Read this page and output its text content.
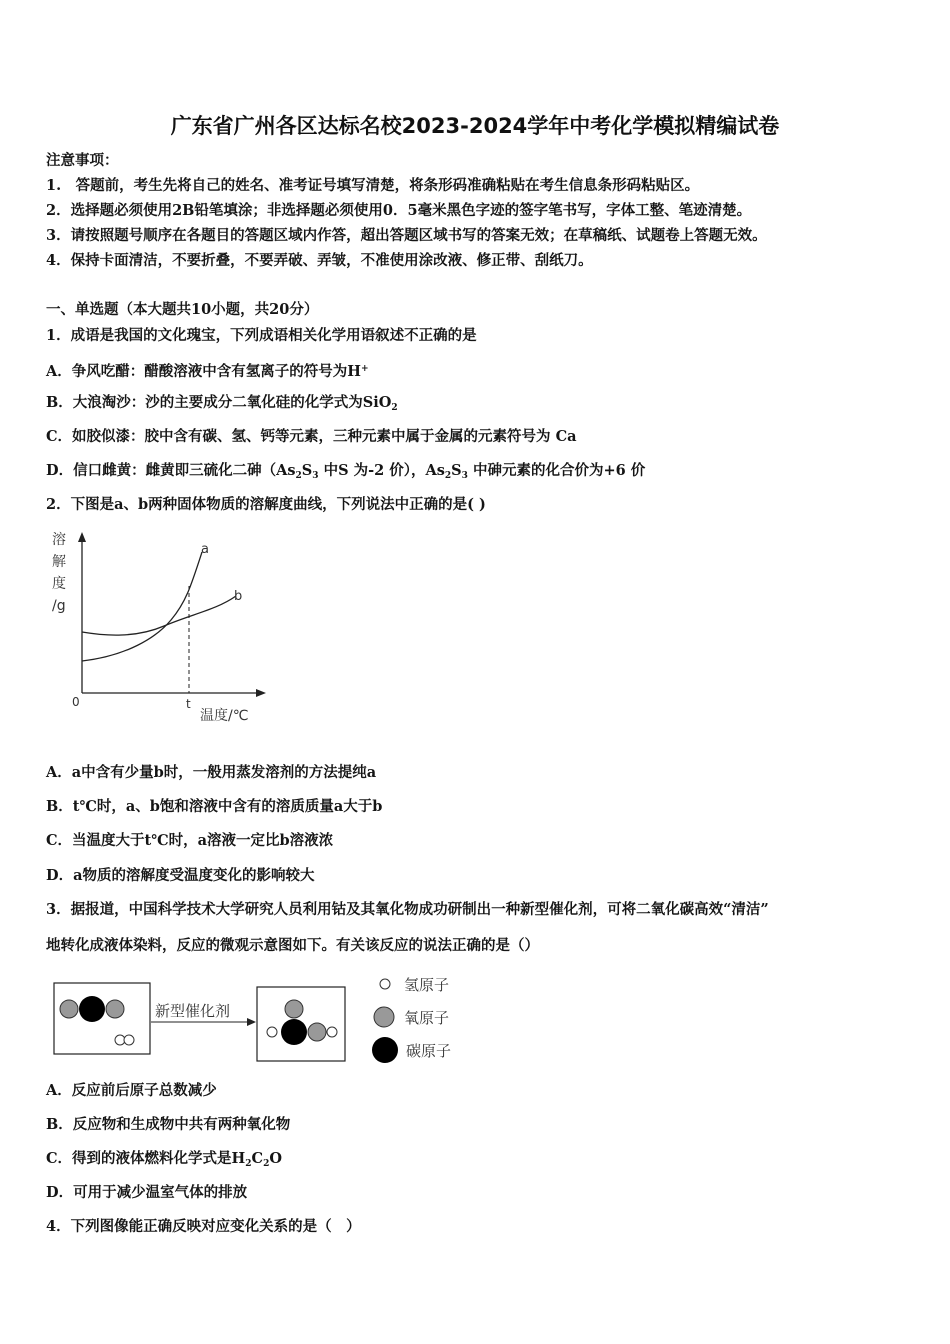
广东省广州各区达标名校2023-2024学年中考化学模拟精编试卷
注意事项：
1.　答题前，考生先将自己的姓名、准考证号填写清楚，将条形码准确粘贴在考生信息条形码粘贴区。
2．选择题必须使用2B铅笔填涂；非选择题必须使用0．5毫米黑色字迹的签字笔书写，字体工整、笔迹清楚。
3．请按照题号顺序在各题目的答题区域内作答，超出答题区域书写的答案无效；在草稿纸、试题卷上答题无效。
4．保持卡面清洁，不要折叠，不要弄破、弄皱，不准使用涂改液、修正带、刮纸刀。
一、单选题（本大题共10小题，共20分）
1．成语是我国的文化瑰宝，下列成语相关化学用语叙述不正确的是
A．争风吃醋：醋酸溶液中含有氢离子的符号为H+
B．大浪淘沙：沙的主要成分二氧化硅的化学式为SiO$_2$
C．如胶似漆：胶中含有碳、氢、钙等元素，三种元素中属于金属的元素符号为 Ca
D．信口雌黄：雌黄即三硫化二砷（$As_2S_3$ 中S 为-2 价），$As_2S_3$ 中砷元素的化合价为+6 价
2．下图是a、b两种固体物质的溶解度曲线，下列说法中正确的是( )
溶
解
度
/g
a
b
0	t
温度/℃
A．a中含有少量b时，一般用蒸发溶剂的方法提纯a
B．t℃时，a、b饱和溶液中含有的溶质质量a大于b
C．当温度大于t℃时，a溶液一定比b溶液浓
D．a物质的溶解度受温度变化的影响较大
3．据报道，中国科学技术大学研究人员利用钴及其氧化物成功研制出一种新型催化剂，可将二氧化碳高效“清洁”
地转化成液体染料，反应的微观示意图如下。有关该反应的说法正确的是（）
新型催化剂
氢原子
氧原子
碳原子
A．反应前后原子总数减少
B．反应物和生成物中共有两种氧化物
C．得到的液体燃料化学式是$H_2C_2O$
D．可用于减少温室气体的排放
4．下列图像能正确反映对应变化关系的是（　）
